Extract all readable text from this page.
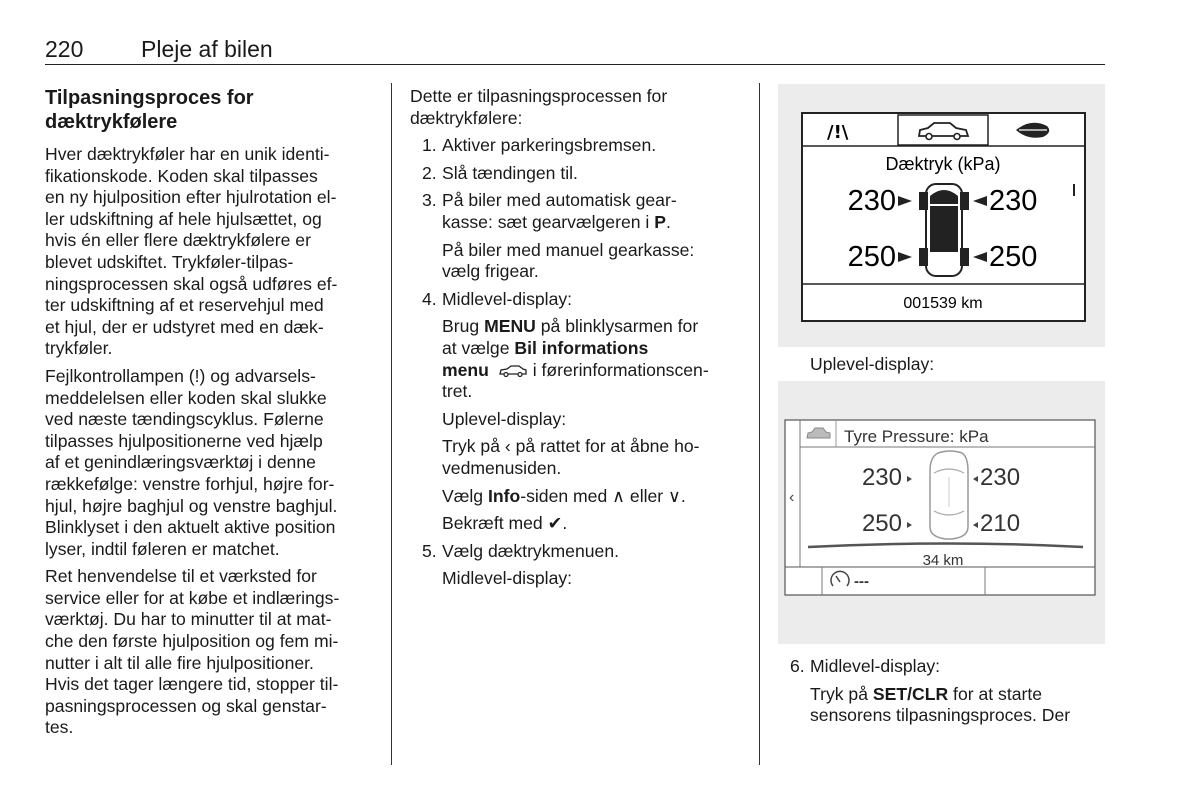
220	Pleje af bilen

Tilpasningsproces for
dæktrykfølere

Hver dæktrykføler har en unik identi-
fikationskode. Koden skal tilpasses
en ny hjulposition efter hjulrotation el-
ler udskiftning af hele hjulsættet, og
hvis én eller flere dæktrykfølere er
blevet udskiftet. Trykføler-tilpas-
ningsprocessen skal også udføres ef-
ter udskiftning af et reservehjul med
et hjul, der er udstyret med en dæk-
trykføler.

Fejlkontrollampen (!) og advarsels-
meddelelsen eller koden skal slukke
ved næste tændingscyklus. Følerne
tilpasses hjulpositionerne ved hjælp
af et genindlæringsværktøj i denne
rækkefølge: venstre forhjul, højre for-
hjul, højre baghjul og venstre baghjul.
Blinklyset i den aktuelt aktive position
lyser, indtil føleren er matchet.

Ret henvendelse til et værksted for
service eller for at købe et indlærings-
værktøj. Du har to minutter til at mat-
che den første hjulposition og fem mi-
nutter i alt til alle fire hjulpositioner.
Hvis det tager længere tid, stopper til-
pasningsprocessen og skal genstar-
tes.

Dette er tilpasningsprocessen for
dæktrykfølere:

1. Aktiver parkeringsbremsen.
2. Slå tændingen til.
3. På biler med automatisk gear-
kasse: sæt gearvælgeren i P.

På biler med manuel gearkasse:
vælg frigear.

4. Midlevel-display:

Brug MENU på blinklysarmen for
at vælge Bil informations
menu  i førerinformationscen-
tret.

Uplevel-display:

Tryk på ‹ på rattet for at åbne ho-
vedmenusiden.

Vælg Info-siden med ∧ eller ∨.

Bekræft med ✔.

5. Vælg dæktrykmenuen.

Midlevel-display:

/!\
Dæktryk (kPa)
230	230
250	250
001539 km
Uplevel-display:
‹
Tyre Pressure: kPa
230	230
250	210
34 km
---
6. Midlevel-display:

Tryk på SET/CLR for at starte
sensorens tilpasningsproces. Der
